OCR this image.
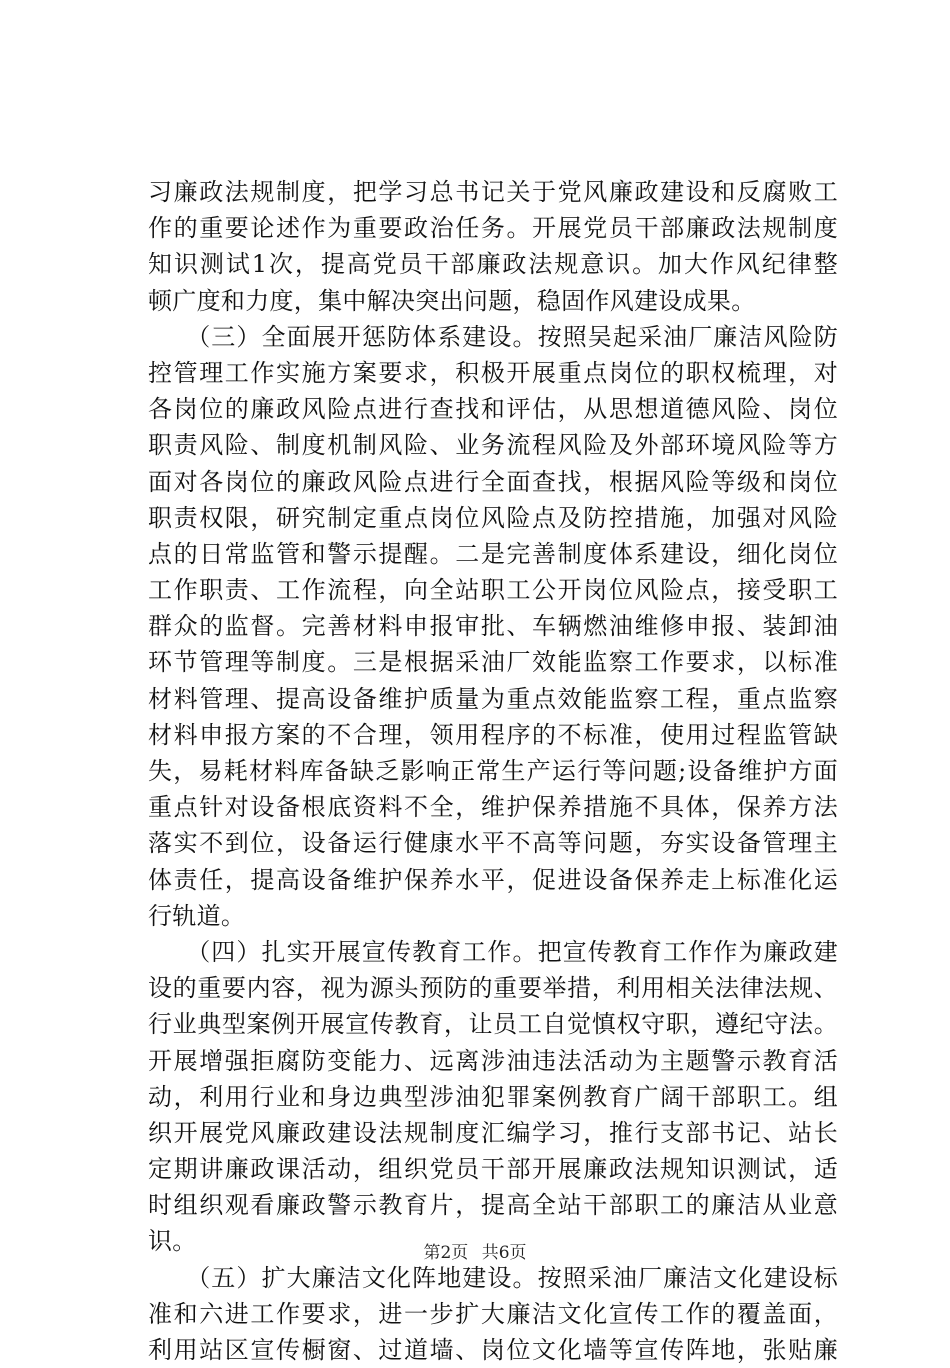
习廉政法规制度，把学习总书记关于党风廉政建设和反腐败工
作的重要论述作为重要政治任务。开展党员干部廉政法规制度
知识测试1次，提高党员干部廉政法规意识。加大作风纪律整
顿广度和力度，集中解决突出问题，稳固作风建设成果。
　　（三）全面展开惩防体系建设。按照吴起采油厂廉洁风险防
控管理工作实施方案要求，积极开展重点岗位的职权梳理，对
各岗位的廉政风险点进行查找和评估，从思想道德风险、岗位
职责风险、制度机制风险、业务流程风险及外部环境风险等方
面对各岗位的廉政风险点进行全面查找，根据风险等级和岗位
职责权限，研究制定重点岗位风险点及防控措施，加强对风险
点的日常监管和警示提醒。二是完善制度体系建设，细化岗位
工作职责、工作流程，向全站职工公开岗位风险点，接受职工
群众的监督。完善材料申报审批、车辆燃油维修申报、装卸油
环节管理等制度。三是根据采油厂效能监察工作要求，以标准
材料管理、提高设备维护质量为重点效能监察工程，重点监察
材料申报方案的不合理，领用程序的不标准，使用过程监管缺
失，易耗材料库备缺乏影响正常生产运行等问题;设备维护方面
重点针对设备根底资料不全，维护保养措施不具体，保养方法
落实不到位，设备运行健康水平不高等问题，夯实设备管理主
体责任，提高设备维护保养水平，促进设备保养走上标准化运
行轨道。
　　（四）扎实开展宣传教育工作。把宣传教育工作作为廉政建
设的重要内容，视为源头预防的重要举措，利用相关法律法规、
行业典型案例开展宣传教育，让员工自觉慎权守职，遵纪守法。
开展增强拒腐防变能力、远离涉油违法活动为主题警示教育活
动，利用行业和身边典型涉油犯罪案例教育广阔干部职工。组
织开展党风廉政建设法规制度汇编学习，推行支部书记、站长
定期讲廉政课活动，组织党员干部开展廉政法规知识测试，适
时组织观看廉政警示教育片，提高全站干部职工的廉洁从业意
识。
　　（五）扩大廉洁文化阵地建设。按照采油厂廉洁文化建设标
准和六进工作要求，进一步扩大廉洁文化宣传工作的覆盖面，
利用站区宣传橱窗、过道墙、岗位文化墙等宣传阵地，张贴廉
第2页 共6页
